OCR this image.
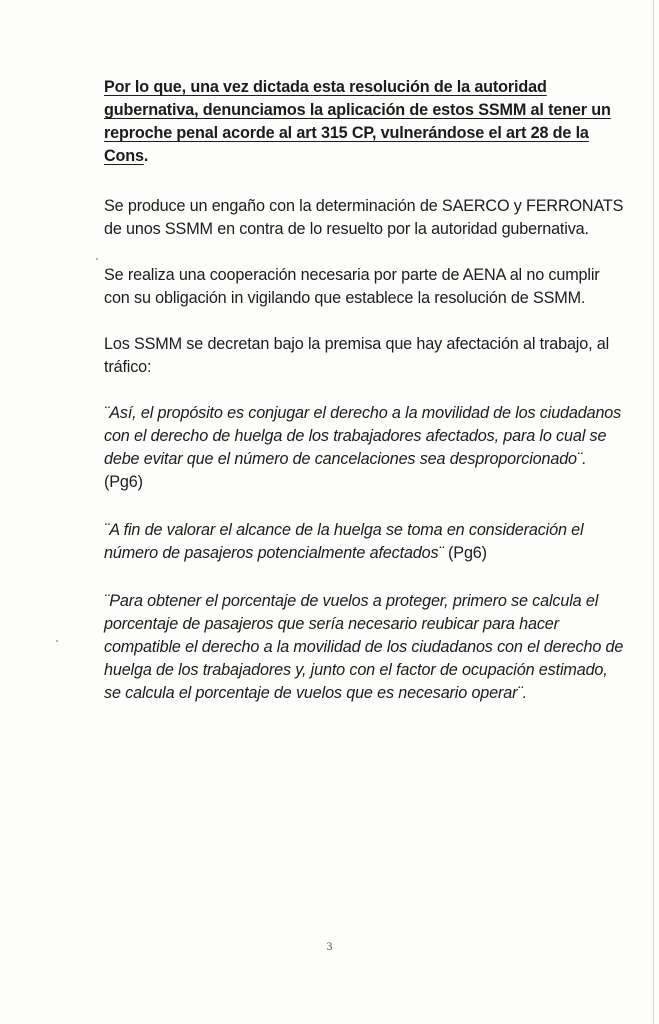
Por lo que, una vez dictada esta resolución de la autoridad gubernativa, denunciamos la aplicación de estos SSMM al tener un reproche penal acorde al art 315 CP, vulnerándose el art 28 de la Cons.

Se produce un engaño con la determinación de SAERCO y FERRONATS de unos SSMM en contra de lo resuelto por la autoridad gubernativa.

Se realiza una cooperación necesaria por parte de AENA al no cumplir con su obligación in vigilando que establece la resolución de SSMM.

Los SSMM se decretan bajo la premisa que hay afectación al trabajo, al tráfico:

¨Así, el propósito es conjugar el derecho a la movilidad de los ciudadanos con el derecho de huelga de los trabajadores afectados, para lo cual se debe evitar que el número de cancelaciones sea desproporcionado¨. (Pg6)

¨A fin de valorar el alcance de la huelga se toma en consideración el número de pasajeros potencialmente afectados¨ (Pg6)

¨Para obtener el porcentaje de vuelos a proteger, primero se calcula el porcentaje de pasajeros que sería necesario reubicar para hacer compatible el derecho a la movilidad de los ciudadanos con el derecho de huelga de los trabajadores y, junto con el factor de ocupación estimado, se calcula el porcentaje de vuelos que es necesario operar¨.

3
